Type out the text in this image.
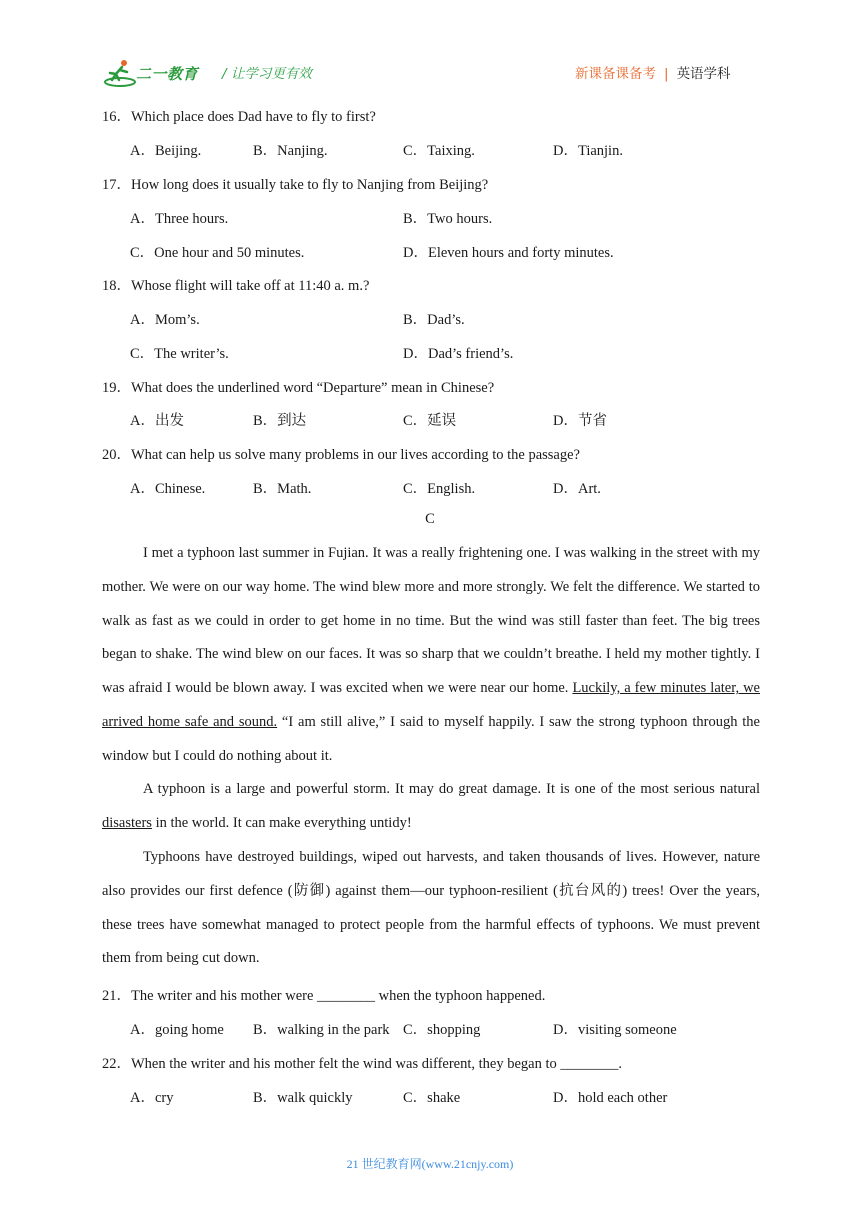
二一教育 / 让学习更有效	新课备课备考 | 英语学科
16．Which place does Dad have to fly to first?
A．Beijing.	B．Nanjing.	C．Taixing.	D．Tianjin.
17．How long does it usually take to fly to Nanjing from Beijing?
A．Three hours.	B．Two hours.
C．One hour and 50 minutes.	D．Eleven hours and forty minutes.
18．Whose flight will take off at 11:40 a. m.?
A．Mom’s.	B．Dad’s.
C．The writer’s.	D．Dad’s friend’s.
19．What does the underlined word “Departure” mean in Chinese?
A．出发	B．到达	C．延误	D．节省
20．What can help us solve many problems in our lives according to the passage?
A．Chinese.	B．Math.	C．English.	D．Art.
C
I met a typhoon last summer in Fujian. It was a really frightening one. I was walking in the street with my mother. We were on our way home. The wind blew more and more strongly. We felt the difference. We started to walk as fast as we could in order to get home in no time. But the wind was still faster than feet. The big trees began to shake. The wind blew on our faces. It was so sharp that we couldn’t breathe. I held my mother tightly. I was afraid I would be blown away. I was excited when we were near our home. Luckily, a few minutes later, we arrived home safe and sound. “I am still alive,” I said to myself happily. I saw the strong typhoon through the window but I could do nothing about it.
A typhoon is a large and powerful storm. It may do great damage. It is one of the most serious natural disasters in the world. It can make everything untidy!
Typhoons have destroyed buildings, wiped out harvests, and taken thousands of lives. However, nature also provides our first defence (防御) against them—our typhoon-resilient (抗台风的) trees! Over the years, these trees have somewhat managed to protect people from the harmful effects of typhoons. We must prevent them from being cut down.
21．The writer and his mother were ________ when the typhoon happened.
A．going home B．walking in the park C．shopping	D．visiting someone
22．When the writer and his mother felt the wind was different, they began to ________.
A．cry	B．walk quickly	C．shake	D．hold each other
21 世纪教育网(www.21cnjy.com)
